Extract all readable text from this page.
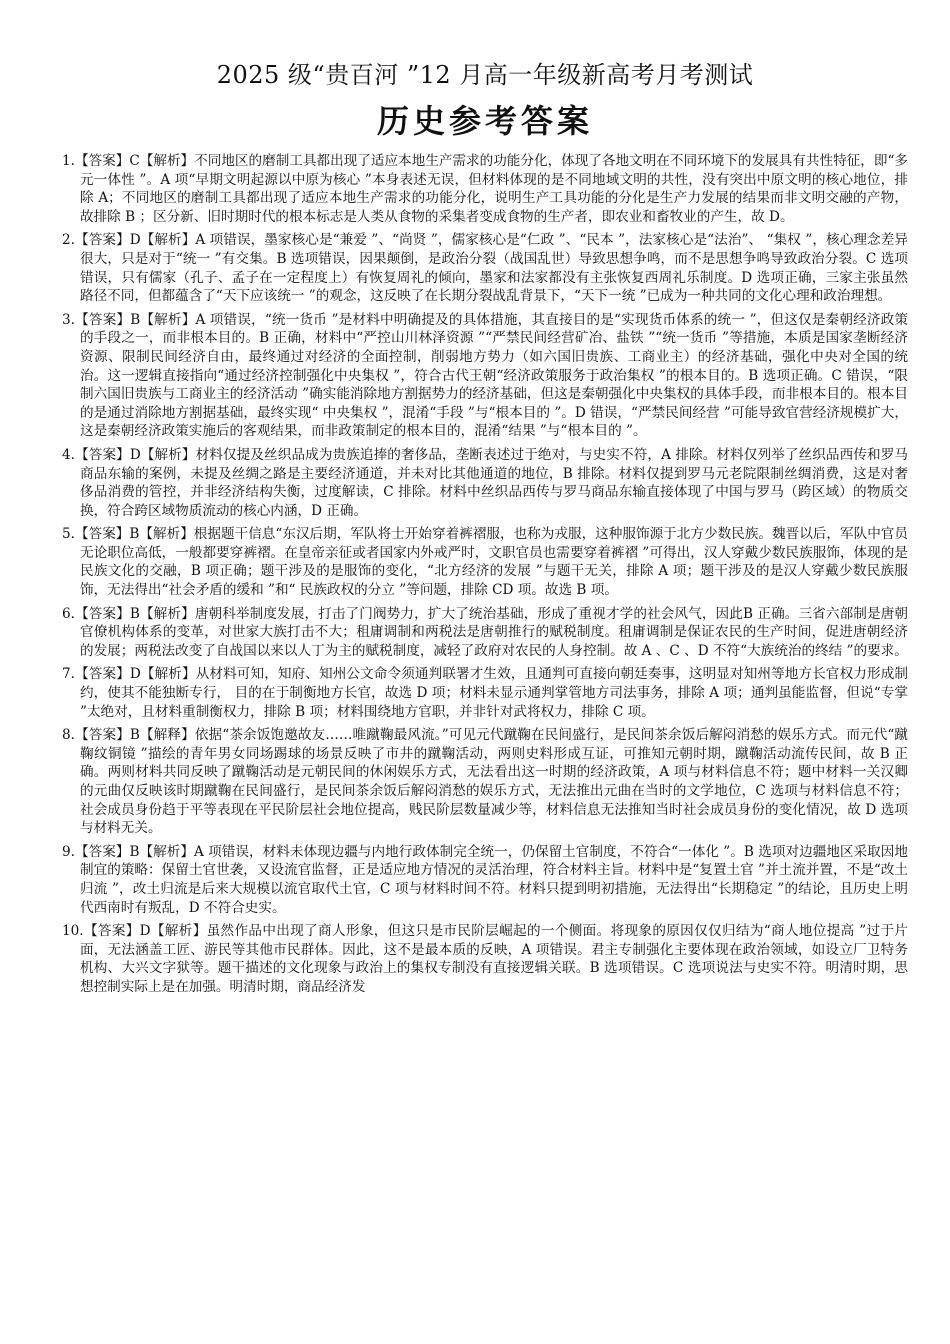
2025 级“贵百河 ”12 月高一年级新高考月考测试
历史参考答案
1.【答案】C【解析】不同地区的磨制工具都出现了适应本地生产需求的功能分化，体现了各地文明在不同环境下的发展具有共性特征，即“多元一体性 ”。A 项“早期文明起源以中原为核心 ”本身表述无误，但材料体现的是不同地域文明的共性，没有突出中原文明的核心地位，排除 A；不同地区的磨制工具都出现了适应本地生产需求的功能分化，说明生产工具功能的分化是生产力发展的结果而非文明交融的产物，故排除 B ；区分新、旧时期时代的根本标志是人类从食物的采集者变成食物的生产者，即农业和畜牧业的产生，故 D。
2.【答案】D【解析】A 项错误，墨家核心是“兼爱 ”、“尚贤 ”，儒家核心是“仁政 ”、“民本 ”，法家核心是“法治”、 “集权 ”，核心理念差异很大，只是对于“统一 ”有交集。B 选项错误，因果颠倒，是政治分裂（战国乱世）导致思想争鸣，而不是思想争鸣导致政治分裂。C 选项错误，只有儒家（孔子、孟子在一定程度上）有恢复周礼的倾向，墨家和法家都没有主张恢复西周礼乐制度。D 选项正确，三家主张虽然路径不同，但都蕴含了“天下应该统一 ”的观念，这反映了在长期分裂战乱背景下，“天下一统 ”已成为一种共同的文化心理和政治理想。
3.【答案】B【解析】A 项错误，“统一货币 ”是材料中明确提及的具体措施，其直接目的是“实现货币体系的统一 ”，但这仅是秦朝经济政策的手段之一，而非根本目的。B 正确，材料中“严控山川林泽资源 ”“严禁民间经营矿冶、盐铁 ”“统一货币 ”等措施，本质是国家垄断经济资源、限制民间经济自由，最终通过对经济的全面控制，削弱地方势力（如六国旧贵族、工商业主）的经济基础，强化中央对全国的统治。这一逻辑直接指向“通过经济控制强化中央集权 ”，符合古代王朝“经济政策服务于政治集权 ”的根本目的。B 选项正确。C 错误，“限制六国旧贵族与工商业主的经济活动 ”确实能消除地方割据势力的经济基础，但这是秦朝强化中央集权的具体手段，而非根本目的。根本目的是通过消除地方割据基础，最终实现“ 中央集权 ”，混淆“手段 ”与“根本目的 ”。D 错误，“严禁民间经营 ”可能导致官营经济规模扩大，这是秦朝经济政策实施后的客观结果，而非政策制定的根本目的，混淆“结果 ”与“根本目的 ”。
4.【答案】D【解析】材料仅提及丝织品成为贵族追捧的奢侈品，垄断表述过于绝对，与史实不符，A 排除。材料仅列举了丝织品西传和罗马商品东输的案例，未提及丝绸之路是主要经济通道，并未对比其他通道的地位，B 排除。材料仅提到罗马元老院限制丝绸消费，这是对奢侈品消费的管控，并非经济结构失衡，过度解读，C 排除。材料中丝织品西传与罗马商品东输直接体现了中国与罗马（跨区域）的物质交换，符合跨区域物质流动的核心内涵，D 正确。
5.【答案】B【解析】根据题干信息“东汉后期，军队将士开始穿着裤褶服，也称为戎服，这种服饰源于北方少数民族。魏晋以后，军队中官员无论职位高低，一般都要穿裤褶。在皇帝亲征或者国家内外戒严时，文职官员也需要穿着裤褶 ”可得出，汉人穿戴少数民族服饰，体现的是民族文化的交融，B 项正确；题干涉及的是服饰的变化，“北方经济的发展 ”与题干无关，排除 A 项；题干涉及的是汉人穿戴少数民族服饰，无法得出“社会矛盾的缓和 ”和“ 民族政权的分立 ”等问题，排除 CD 项。故选 B 项。
6.【答案】B【解析】唐朝科举制度发展，打击了门阀势力，扩大了统治基础，形成了重视才学的社会风气，因此B 正确。三省六部制是唐朝官僚机构体系的变革，对世家大族打击不大；租庸调制和两税法是唐朝推行的赋税制度。租庸调制是保证农民的生产时间，促进唐朝经济的发展；两税法改变了自战国以来以人丁为主的赋税制度，减轻了政府对农民的人身控制。故 A 、C 、D 不符“大族统治的终结 ”的要求。
7.【答案】D【解析】从材料可知，知府、知州公文命令须通判联署才生效，且通判可直接向朝廷奏事，这明显对知州等地方长官权力形成制约，使其不能独断专行， 目的在于制衡地方长官，故选 D 项；材料未显示通判掌管地方司法事务，排除 A 项；通判虽能监督，但说“专掌 ”太绝对，且材料重制衡权力，排除 B 项；材料围绕地方官职，并非针对武将权力，排除 C 项。
8.【答案】B【解释】依据“茶余饭饱邀故友……唯蹴鞠最风流。”可见元代蹴鞠在民间盛行，是民间茶余饭后解闷消愁的娱乐方式。而元代“蹴鞠纹铜镜 ”描绘的青年男女同场踢球的场景反映了市井的蹴鞠活动，两则史料形成互证，可推知元朝时期，蹴鞠活动流传民间，故 B 正确。两则材料共同反映了蹴鞠活动是元朝民间的休闲娱乐方式，无法看出这一时期的经济政策，A 项与材料信息不符；题中材料一关汉卿的元曲仅反映该时期蹴鞠在民间盛行，是民间茶余饭后解闷消愁的娱乐方式，无法推出元曲在当时的文学地位，C 选项与材料信息不符；社会成员身份趋于平等表现在平民阶层社会地位提高，贱民阶层数量减少等，材料信息无法推知当时社会成员身份的变化情况，故 D 选项与材料无关。
9.【答案】B【解析】A 项错误，材料未体现边疆与内地行政体制完全统一，仍保留土官制度，不符合“一体化 ”。B 选项对边疆地区采取因地制宜的策略：保留土官世袭，又设流官监督，正是适应地方情况的灵活治理，符合材料主旨。材料中是“复置土官 ”并土流并置，不是“改土归流 ”，改土归流是后来大规模以流官取代土官，C 项与材料时间不符。材料只提到明初措施，无法得出“长期稳定 ”的结论，且历史上明代西南时有叛乱，D 不符合史实。
10.【答案】D【解析】虽然作品中出现了商人形象，但这只是市民阶层崛起的一个侧面。将现象的原因仅仅归结为“商人地位提高 ”过于片面，无法涵盖工匠、游民等其他市民群体。因此，这不是最本质的反映，A 项错误。君主专制强化主要体现在政治领域，如设立厂卫特务机构、大兴文字狱等。题干描述的文化现象与政治上的集权专制没有直接逻辑关联。B 选项错误。C 选项说法与史实不符。明清时期，思想控制实际上是在加强。明清时期，商品经济发
